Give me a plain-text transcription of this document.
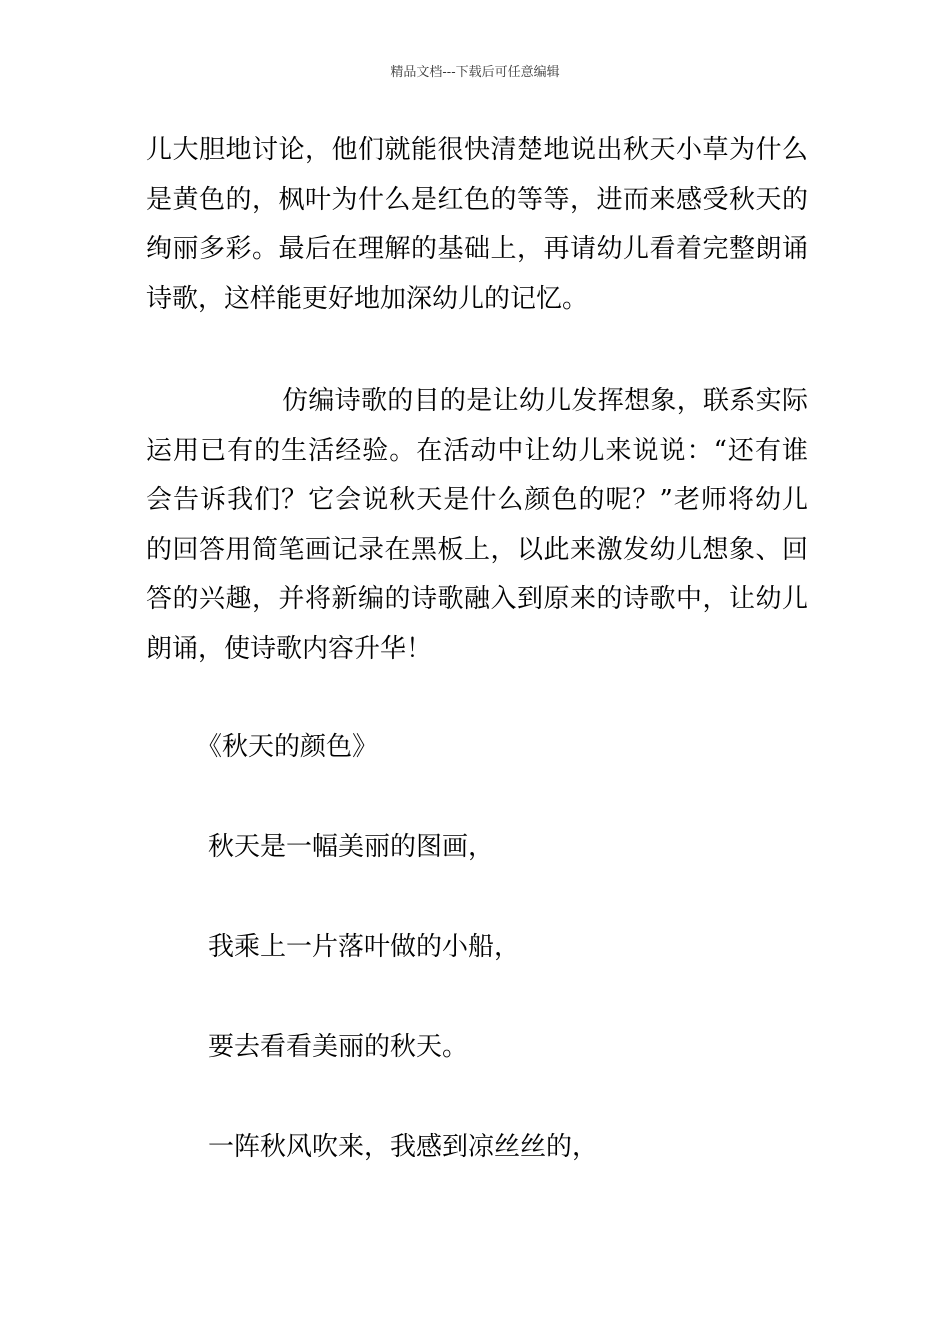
精品文档---下载后可任意编辑

儿大胆地讨论，他们就能很快清楚地说出秋天小草为什么是黄色的，枫叶为什么是红色的等等，进而来感受秋天的绚丽多彩。最后在理解的基础上，再请幼儿看着完整朗诵诗歌，这样能更好地加深幼儿的记忆。

仿编诗歌的目的是让幼儿发挥想象，联系实际运用已有的生活经验。在活动中让幼儿来说说：“还有谁会告诉我们？它会说秋天是什么颜色的呢？”老师将幼儿的回答用简笔画记录在黑板上，以此来激发幼儿想象、回答的兴趣，并将新编的诗歌融入到原来的诗歌中，让幼儿朗诵，使诗歌内容升华！

《秋天的颜色》

秋天是一幅美丽的图画，

我乘上一片落叶做的小船，

要去看看美丽的秋天。

一阵秋风吹来，我感到凉丝丝的，
